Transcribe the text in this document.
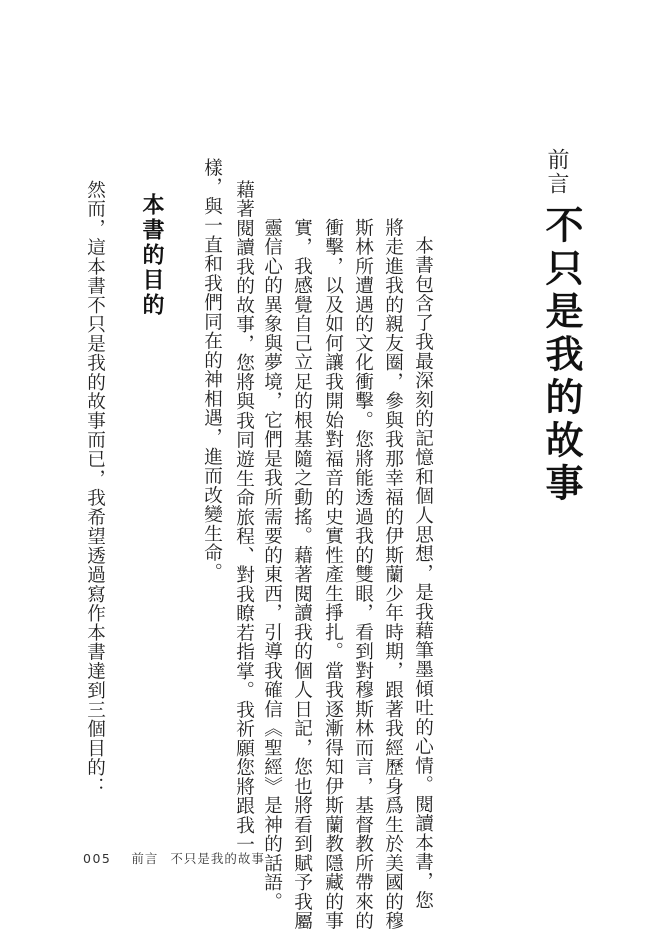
前言
不只是我的故事
本書包含了我最深刻的記憶和個人思想，是我藉筆墨傾吐的心情。閱讀本書，您
將走進我的親友圈，參與我那幸福的伊斯蘭少年時期，跟著我經歷身爲生於美國的穆
斯林所遭遇的文化衝擊。您將能透過我的雙眼，看到對穆斯林而言，基督教所帶來的
衝擊，以及如何讓我開始對福音的史實性產生掙扎。當我逐漸得知伊斯蘭教隱藏的事
實，我感覺自己立足的根基隨之動搖。藉著閱讀我的個人日記，您也將看到賦予我屬
靈信心的異象與夢境，它們是我所需要的東西，引導我確信《聖經》是神的話語。
藉著閱讀我的故事，您將與我同遊生命旅程、對我瞭若指掌。我祈願您將跟我一
樣，與一直和我們同在的神相遇，進而改變生命。
本書的目的
然而，這本書不只是我的故事而已，我希望透過寫作本書達到三個目的：
005 前言 不只是我的故事
